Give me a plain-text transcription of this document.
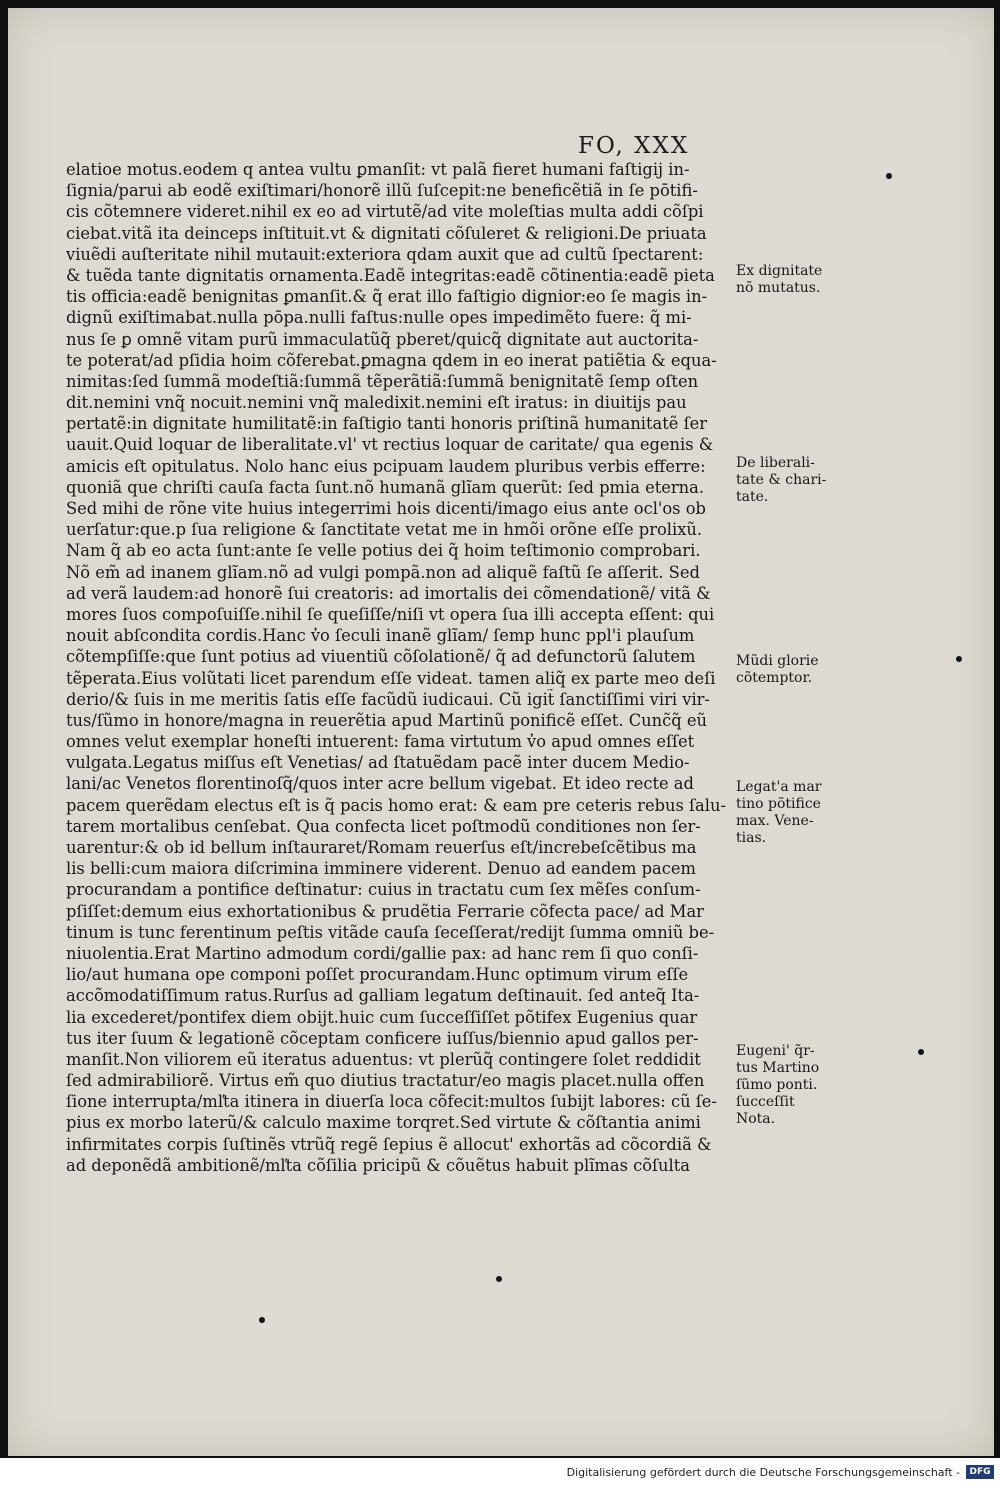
FO, XXX
elatioe motus.eodem q antea vultu ꝑmanſit: vt palã fieret humani faſtigij in-
ſignia/parui ab eodẽ exiſtimari/honorẽ illũ ſuſcepit:ne beneficẽtiã in ſe pōtifi-
cis cõtemnere videret.nihil ex eo ad virtutẽ/ad vite moleſtias multa addi cõſpi
ciebat.vitã ita deinceps inſtituit.vt & dignitati cõſuleret & religioni.De priuata
viuẽdi auſteritate nihil mutauit:exteriora qdam auxit que ad cultũ ſpectarent:
& tuẽda tante dignitatis ornamenta.Eadẽ integritas:eadẽ cõtinentia:eadẽ pieta
tis officia:eadẽ benignitas ꝑmanſit.& q̃ erat illo faſtigio dignior:eo ſe magis in-
dignũ exiſtimabat.nulla pōpa.nulli faſtus:nulle opes impedimẽto fuere: q̃ mi-
nus ſe ꝑ omnẽ vitam purũ immaculatũq̃ pberet/quicq̃ dignitate aut auctorita-
te poterat/ad pſidia hoim cõferebat.ꝑmagna qdem in eo inerat patiẽtia & equa-
nimitas:ſed ſummã modeſtiã:ſummã tẽperãtiã:ſummã benignitatẽ ſemp oſten
dit.nemini vnq̃ nocuit.nemini vnq̃ maledixit.nemini eſt iratus: in diuitijs pau
pertatẽ:in dignitate humilitatẽ:in faſtigio tanti honoris priſtinã humanitatẽ ſer
uauit.Quid loquar de liberalitate.vl' vt rectius loquar de caritate/ qua egenis &
amicis eſt opitulatus. Nolo hanc eius pcipuam laudem pluribus verbis efferre:
quoniã que chriſti cauſa facta ſunt.nõ humanã glĩam querũt: ſed pmia eterna.
Sed mihi de rõne vite huius integerrimi hois dicenti/imago eius ante ocl'os ob
uerſatur:que.p ſua religione & ſanctitate vetat me in hmõi orõne eſſe prolixũ.
Nam q̃ ab eo acta ſunt:ante ſe velle potius dei q̃ hoim teſtimonio comprobari.
Nõ em̃ ad inanem glĩam.nõ ad vulgi pompã.non ad aliquẽ faſtũ ſe aſſerit. Sed
ad verã laudem:ad honorẽ ſui creatoris: ad imortalis dei cõmendationẽ/ vitã &
mores ſuos compoſuiſſe.nihil ſe queſiſſe/niſi vt opera ſua illi accepta eſſent: qui
nouit abſcondita cordis.Hanc v̓o ſeculi inanẽ glĩam/ ſemp hunc ppl'i plauſum
cõtempſiſſe:que ſunt potius ad viuentiũ cõſolationẽ/ q̃ ad defunctorũ ſalutem
tẽperata.Eius volũtati licet parendum eſſe videat. tamen aliq̃ ex parte meo deſi
derio/& ſuis in me meritis ſatis eſſe facũdũ iudicaui. Cũ igit̃ ſanctiſſimi viri vir-
tus/ſũmo in honore/magna in reuerẽtia apud Martinũ ponificẽ eſſet. Cunc̃q̃ eũ
omnes velut exemplar honeſti intuerent: fama virtutum v̓o apud omnes eſſet
vulgata.Legatus miſſus eſt Venetias/ ad ſtatuẽdam pacẽ inter ducem Medio-
lani/ac Venetos florentinoſq̃/quos inter acre bellum vigebat. Et ideo recte ad
pacem querẽdam electus eſt is q̃ pacis homo erat: & eam pre ceteris rebus ſalu-
tarem mortalibus cenſebat. Qua confecta licet poſtmodũ conditiones non ſer-
uarentur:& ob id bellum inſtauraret/Romam reuerſus eſt/increbeſcẽtibus ma
lis belli:cum maiora diſcrimina imminere viderent. Denuo ad eandem pacem
procurandam a pontifice deſtinatur: cuius in tractatu cum ſex mẽſes conſum-
pſiſſet:demum eius exhortationibus & prudẽtia Ferrarie cõfecta pace/ ad Mar
tinum is tunc ferentinum peſtis vitãde cauſa ſeceſſerat/redijt ſumma omniũ be-
niuolentia.Erat Martino admodum cordi/gallie pax: ad hanc rem ſi quo conſi-
lio/aut humana ope componi poſſet procurandam.Hunc optimum virum eſſe
accõmodatiſſimum ratus.Rurſus ad galliam legatum deſtinauit. ſed anteq̃ Ita-
lia excederet/pontifex diem obijt.huic cum ſucceſſiſſet põtifex Eugenius quar
tus iter ſuum & legationẽ cõceptam conficere iuſſus/biennio apud gallos per-
manſit.Non viliorem eũ iteratus aduentus: vt plerũq̃ contingere ſolet reddidit
ſed admirabiliorẽ. Virtus em̃ quo diutius tractatur/eo magis placet.nulla offen
ſione interrupta/mľta itinera in diuerſa loca cõfecit:multos ſubijt labores: cũ ſe-
pius ex morbo laterũ/& calculo maxime torqret.Sed virtute & cõſtantia animi
infirmitates corpis ſuſtinẽs vtrũq̃ regẽ ſepius ẽ allocut' exhortãs ad cõcordiã &
ad deponẽdã ambitionẽ/mľta cõſilia pricipũ & cõuẽtus habuit plĩmas cõſulta
Ex dignitate
nõ mutatus.
De liberali-
tate & chari-
tate.
Mũdi glorie
cõtemptor.
Legat'a mar
tino põtifice
max. Vene-
tias.
Eugeni' q̃r-
tus Martino
ſũmo ponti.
ſucceſſit
Nota.
Digitalisierung gefördert durch die Deutsche Forschungsgemeinschaft -	DFG
